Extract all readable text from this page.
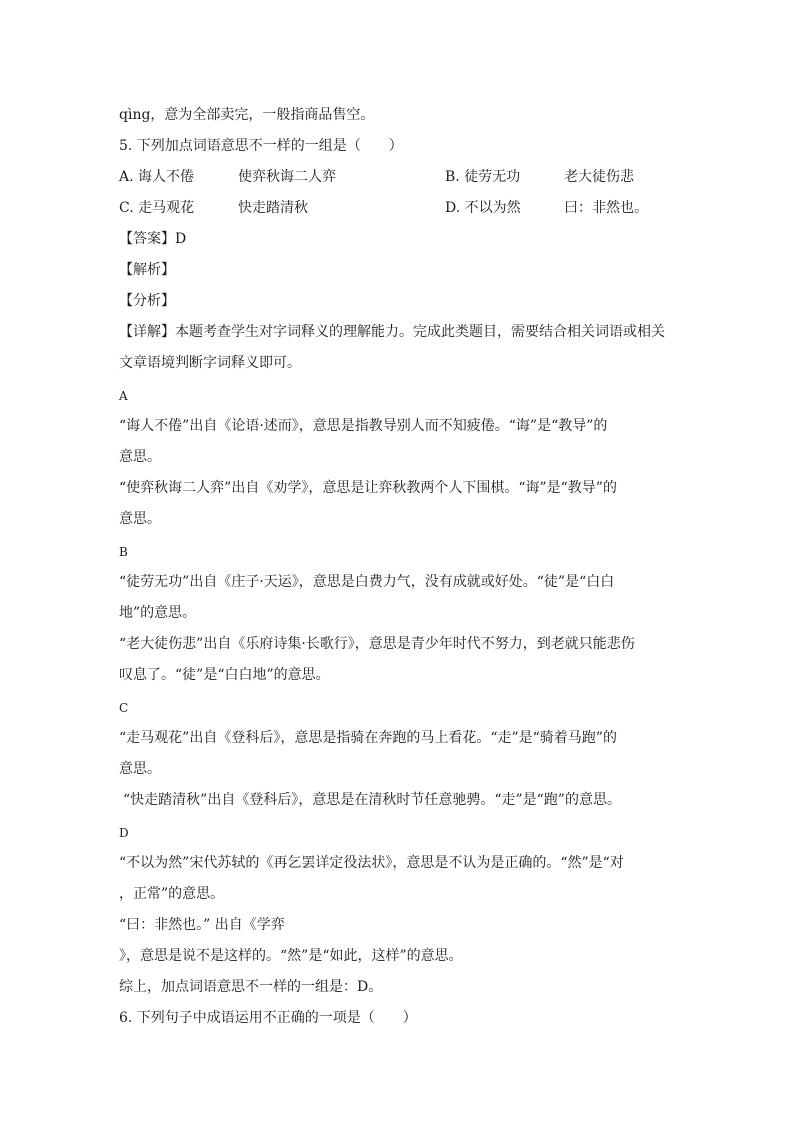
qìng，意为全部卖完，一般指商品售空。
5. 下列加点词语意思不一样的一组是（　　）
A. 诲人不倦	使弈秋诲二人弈	B. 徒劳无功	老大徒伤悲
C. 走马观花	快走踏清秋	D. 不以为然	曰：非然也。
【答案】D
【解析】
【分析】
【详解】本题考查学生对字词释义的理解能力。完成此类题目，需要结合相关词语或相关
文章语境判断字词释义即可。
A
“诲人不倦”出自《论语·述而》，意思是指教导别人而不知疲倦。“诲”是“教导”的
意思。
“使弈秋诲二人弈”出自《劝学》，意思是让弈秋教两个人下围棋。“诲”是“教导”的
意思。
B
“徒劳无功”出自《庄子·天运》，意思是白费力气，没有成就或好处。“徒”是“白白
地”的意思。
“老大徒伤悲”出自《乐府诗集·长歌行》，意思是青少年时代不努力，到老就只能悲伤
叹息了。“徒”是“白白地”的意思。
C
“走马观花”出自《登科后》，意思是指骑在奔跑的马上看花。“走”是“骑着马跑”的
意思。
“快走踏清秋”出自《登科后》，意思是在清秋时节任意驰骋。“走”是“跑”的意思。
D
“不以为然”宋代苏轼的《再乞罢详定役法状》，意思是不认为是正确的。“然”是“对
，正常”的意思。
“曰：非然也。” 出自《学弈
》，意思是说不是这样的。“然”是“如此，这样”的意思。
综上，加点词语意思不一样的一组是：D。
6. 下列句子中成语运用不正确的一项是（　　）
